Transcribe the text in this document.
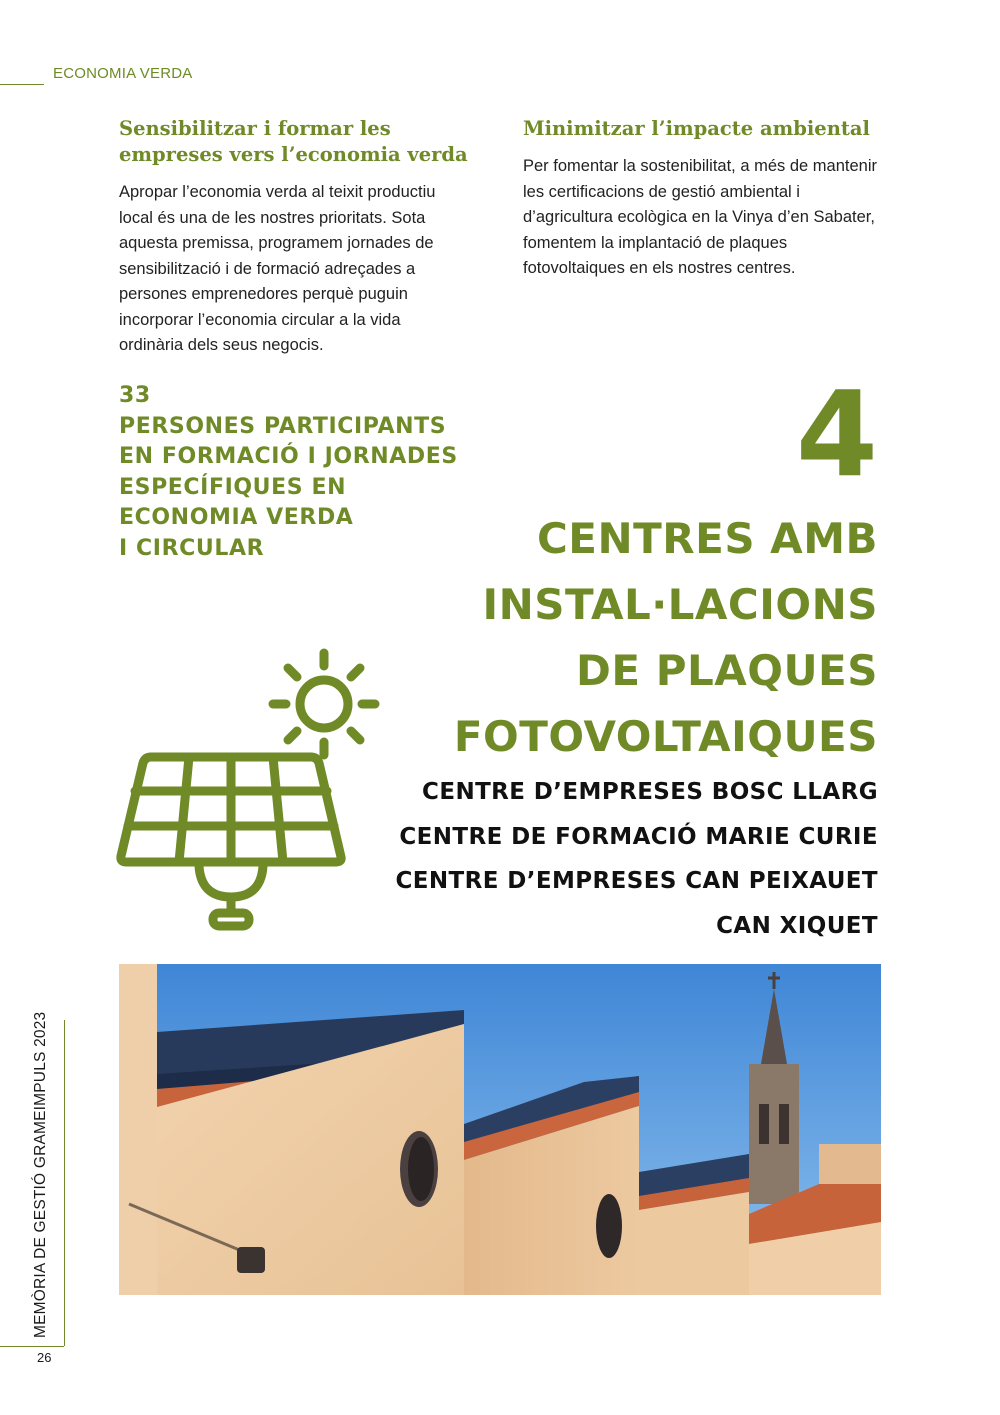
ECONOMIA VERDA
Sensibilitzar i formar les empreses vers l’economia verda

Apropar l’economia verda al teixit productiu local és una de les nostres prioritats. Sota aquesta premissa, programem jornades de sensibilització i de formació adreçades a persones emprenedores perquè puguin incorporar l’economia circular a la vida ordinària dels seus negocis.

Minimitzar l’impacte ambiental

Per fomentar la sostenibilitat, a més de mantenir les certificacions de gestió ambiental i d’agricultura ecològica en la Vinya d’en Sabater, fomentem la implantació de plaques fotovoltaiques en els nostres centres.

33
PERSONES PARTICIPANTS
EN FORMACIÓ I JORNADES
ESPECÍFIQUES EN
ECONOMIA VERDA
I CIRCULAR
4
CENTRES AMB
INSTAL·LACIONS
DE PLAQUES
FOTOVOLTAIQUES
CENTRE D’EMPRESES BOSC LLARG
CENTRE DE FORMACIÓ MARIE CURIE
CENTRE D’EMPRESES CAN PEIXAUET
CAN XIQUET
MEMÒRIA DE GESTIÓ GRAMEIMPULS 2023
26
